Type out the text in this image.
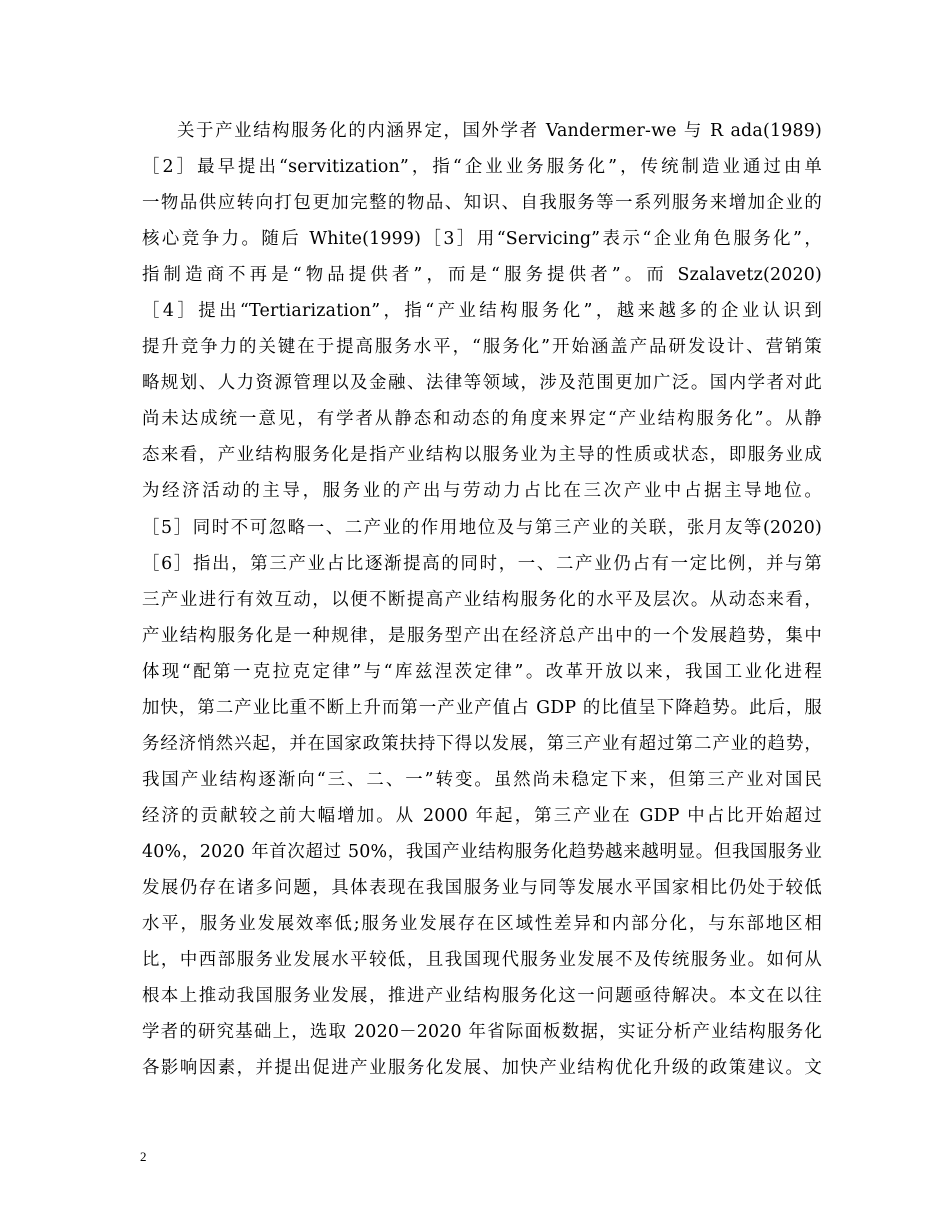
关于产业结构服务化的内涵界定，国外学者 Vandermer-we 与 R ada(1989)
［2］最早提出“servitization”，指“企业业务服务化”，传统制造业通过由单
一物品供应转向打包更加完整的物品、知识、自我服务等一系列服务来增加企业的
核心竞争力。随后 White(1999)［3］用“Servicing”表示“企业角色服务化”，
指制造商不再是“物品提供者”，而是“服务提供者”。而 Szalavetz(2020)
［4］提出“Tertiarization”，指“产业结构服务化”，越来越多的企业认识到
提升竞争力的关键在于提高服务水平，“服务化”开始涵盖产品研发设计、营销策
略规划、人力资源管理以及金融、法律等领域，涉及范围更加广泛。国内学者对此
尚未达成统一意见，有学者从静态和动态的角度来界定“产业结构服务化”。从静
态来看，产业结构服务化是指产业结构以服务业为主导的性质或状态，即服务业成
为经济活动的主导，服务业的产出与劳动力占比在三次产业中占据主导地位。
［5］同时不可忽略一、二产业的作用地位及与第三产业的关联，张月友等(2020)
［6］指出，第三产业占比逐渐提高的同时，一、二产业仍占有一定比例，并与第
三产业进行有效互动，以便不断提高产业结构服务化的水平及层次。从动态来看，
产业结构服务化是一种规律，是服务型产出在经济总产出中的一个发展趋势，集中
体现“配第一克拉克定律”与“库兹涅茨定律”。改革开放以来，我国工业化进程
加快，第二产业比重不断上升而第一产业产值占 GDP 的比值呈下降趋势。此后，服
务经济悄然兴起，并在国家政策扶持下得以发展，第三产业有超过第二产业的趋势，
我国产业结构逐渐向“三、二、一”转变。虽然尚未稳定下来，但第三产业对国民
经济的贡献较之前大幅增加。从 2000 年起，第三产业在 GDP 中占比开始超过
40%，2020 年首次超过 50%，我国产业结构服务化趋势越来越明显。但我国服务业
发展仍存在诸多问题，具体表现在我国服务业与同等发展水平国家相比仍处于较低
水平，服务业发展效率低;服务业发展存在区域性差异和内部分化，与东部地区相
比，中西部服务业发展水平较低，且我国现代服务业发展不及传统服务业。如何从
根本上推动我国服务业发展，推进产业结构服务化这一问题亟待解决。本文在以往
学者的研究基础上，选取 2020－2020 年省际面板数据，实证分析产业结构服务化
各影响因素，并提出促进产业服务化发展、加快产业结构优化升级的政策建议。文
2
